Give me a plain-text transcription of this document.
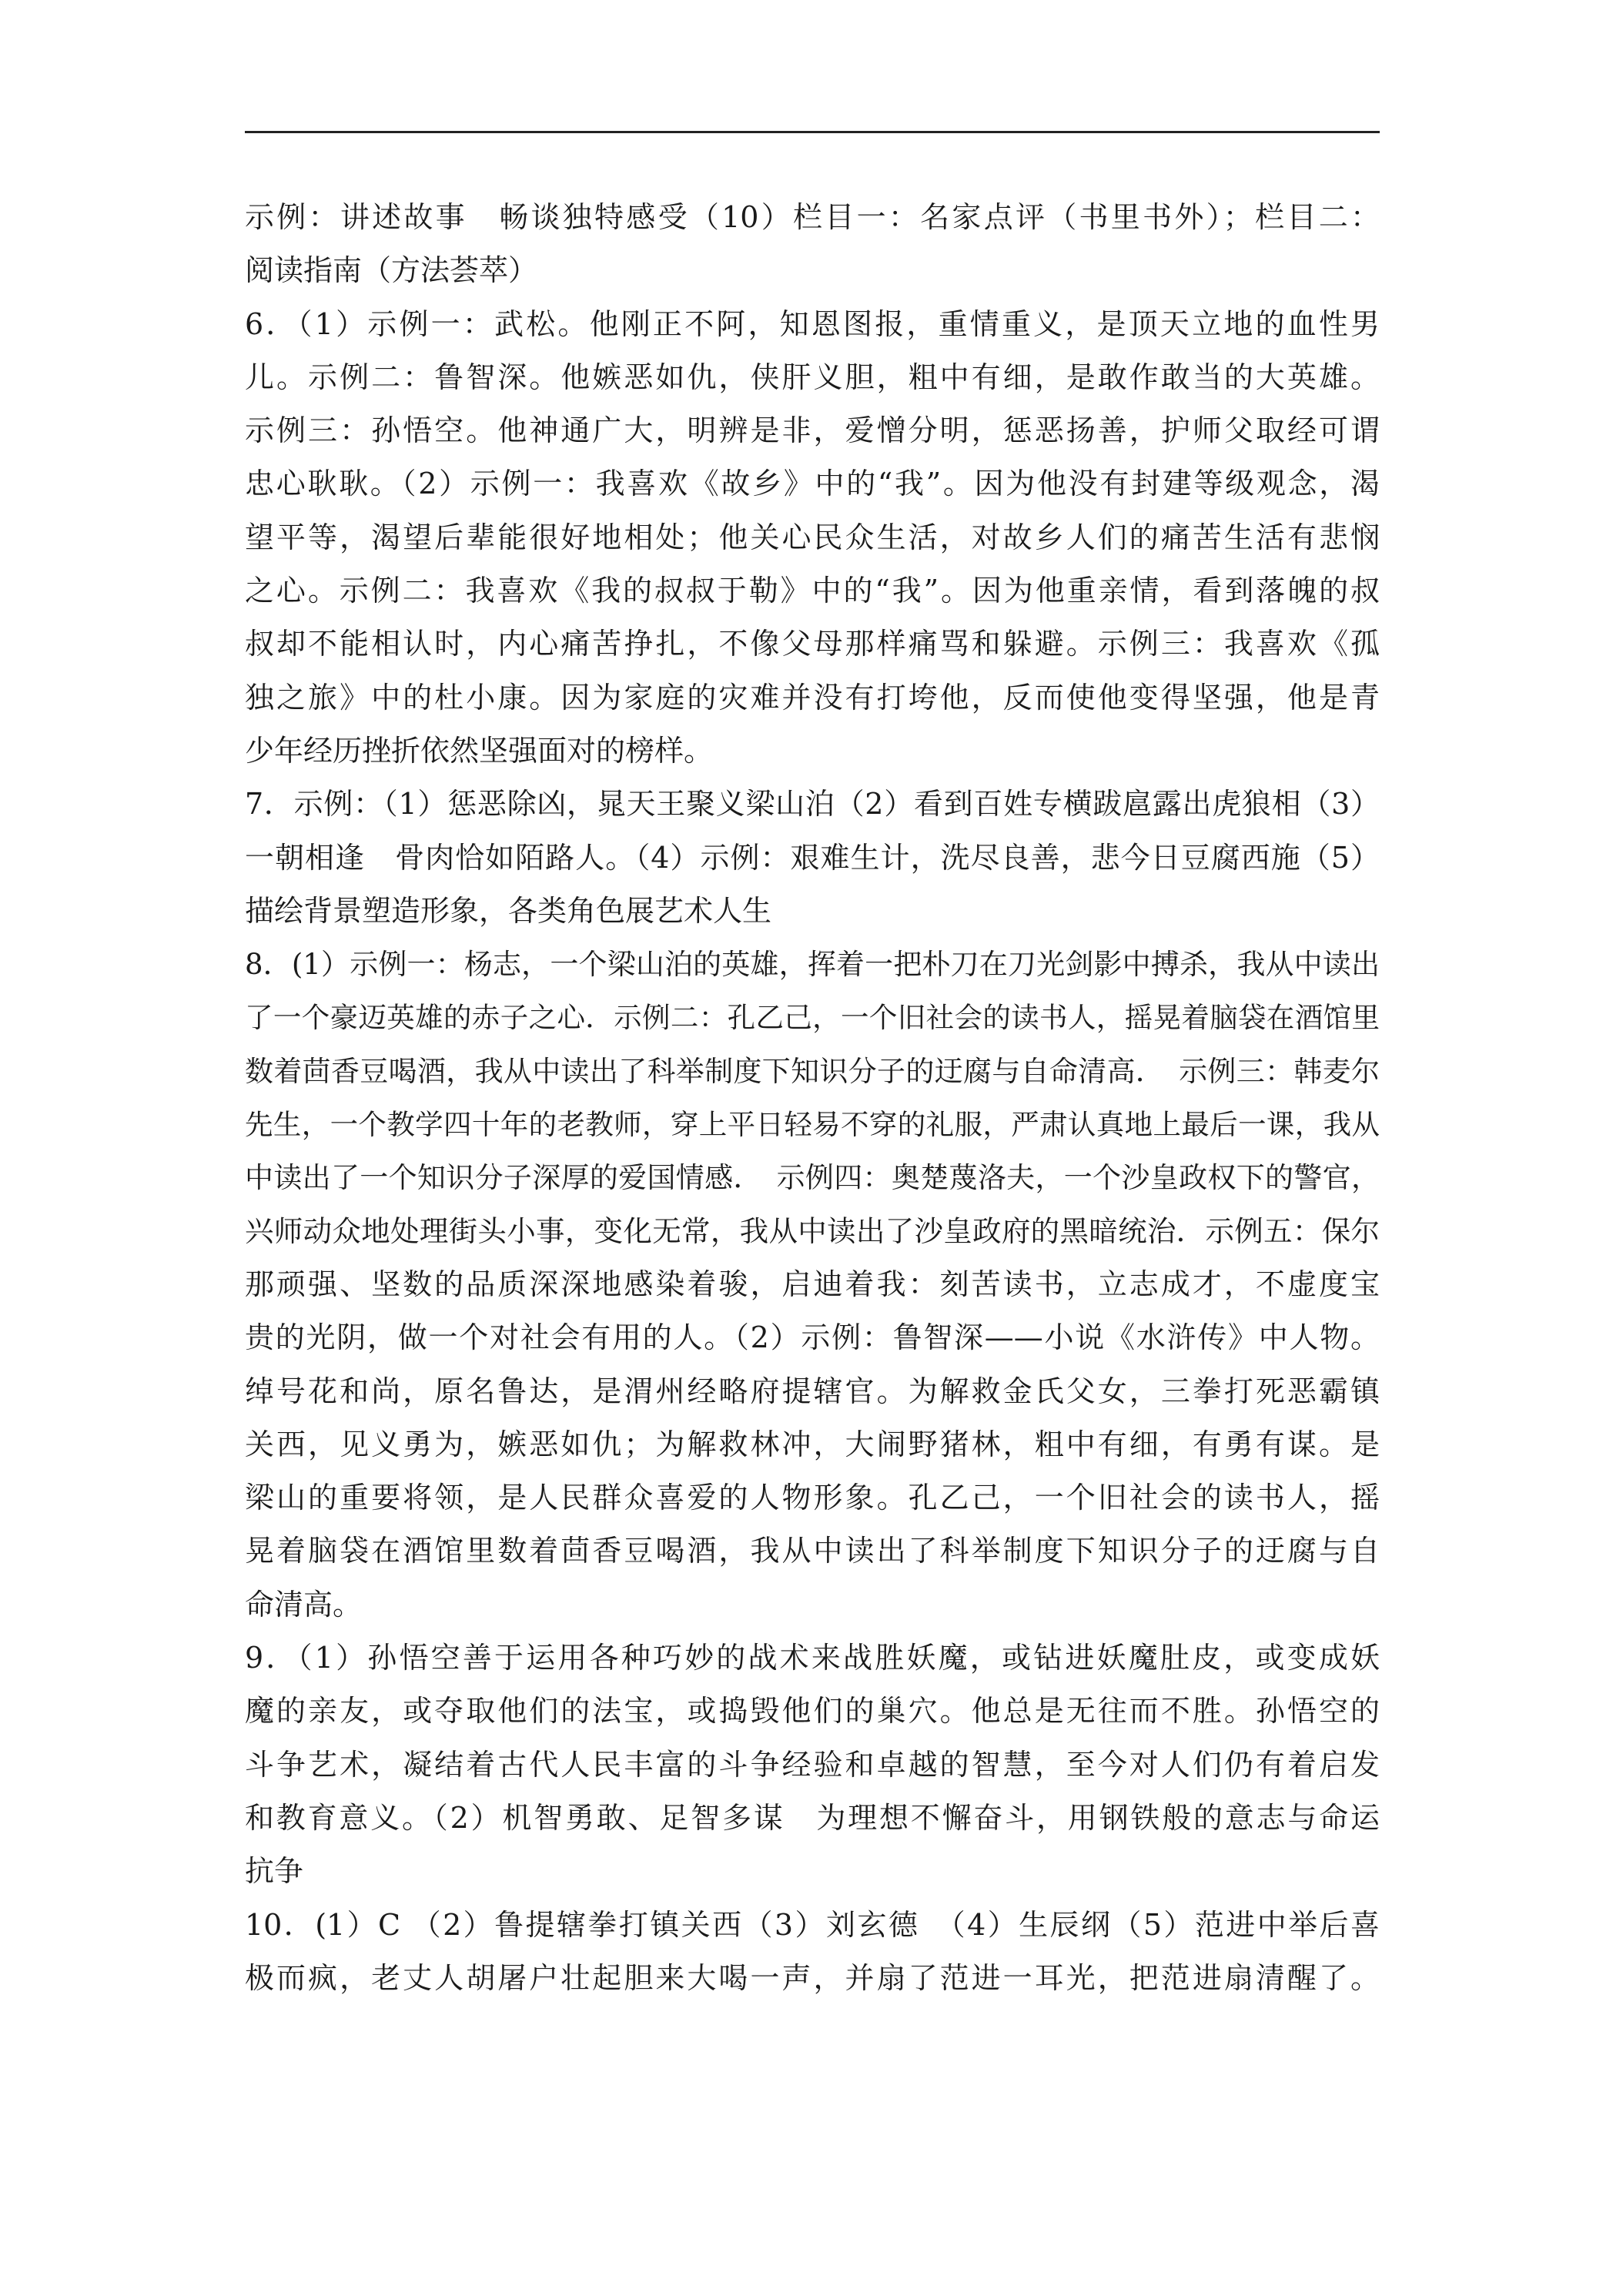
示例：讲述故事　畅谈独特感受（10）栏目一：名家点评（书里书外）；栏目二：
阅读指南（方法荟萃）
6．（1）示例一：武松。他刚正不阿，知恩图报，重情重义，是顶天立地的血性男
儿。示例二：鲁智深。他嫉恶如仇，侠肝义胆，粗中有细，是敢作敢当的大英雄。
示例三：孙悟空。他神通广大，明辨是非，爱憎分明，惩恶扬善，护师父取经可谓
忠心耿耿。（2）示例一：我喜欢《故乡》中的“我”。因为他没有封建等级观念，渴
望平等，渴望后辈能很好地相处；他关心民众生活，对故乡人们的痛苦生活有悲悯
之心。示例二：我喜欢《我的叔叔于勒》中的“我”。因为他重亲情，看到落魄的叔
叔却不能相认时，内心痛苦挣扎，不像父母那样痛骂和躲避。示例三：我喜欢《孤
独之旅》中的杜小康。因为家庭的灾难并没有打垮他，反而使他变得坚强，他是青
少年经历挫折依然坚强面对的榜样。
7．示例：（1）惩恶除凶，晁天王聚义梁山泊（2）看到百姓专横跋扈露出虎狼相（3）
一朝相逢　骨肉恰如陌路人。（4）示例：艰难生计，洗尽良善，悲今日豆腐西施（5）
描绘背景塑造形象，各类角色展艺术人生
8．(1）示例一：杨志，一个梁山泊的英雄，挥着一把朴刀在刀光剑影中搏杀，我从中读出
了一个豪迈英雄的赤子之心．示例二：孔乙己，一个旧社会的读书人，摇晃着脑袋在酒馆里
数着茴香豆喝酒，我从中读出了科举制度下知识分子的迂腐与自命清高．　示例三：韩麦尔
先生，一个教学四十年的老教师，穿上平日轻易不穿的礼服，严肃认真地上最后一课，我从
中读出了一个知识分子深厚的爱国情感．　示例四：奥楚蔑洛夫，一个沙皇政权下的警官，
兴师动众地处理街头小事，变化无常，我从中读出了沙皇政府的黑暗统治．示例五：保尔
那顽强、坚数的品质深深地感染着骏，启迪着我：刻苦读书，立志成才，不虚度宝
贵的光阴，做一个对社会有用的人。（2）示例：鲁智深——小说《水浒传》中人物。
绰号花和尚，原名鲁达，是渭州经略府提辖官。为解救金氏父女，三拳打死恶霸镇
关西，见义勇为，嫉恶如仇；为解救林冲，大闹野猪林，粗中有细，有勇有谋。是
梁山的重要将领，是人民群众喜爱的人物形象。孔乙己，一个旧社会的读书人，摇
晃着脑袋在酒馆里数着茴香豆喝酒，我从中读出了科举制度下知识分子的迂腐与自
命清高。
9．（1）孙悟空善于运用各种巧妙的战术来战胜妖魔，或钻进妖魔肚皮，或变成妖
魔的亲友，或夺取他们的法宝，或捣毁他们的巢穴。他总是无往而不胜。孙悟空的
斗争艺术，凝结着古代人民丰富的斗争经验和卓越的智慧，至今对人们仍有着启发
和教育意义。（2）机智勇敢、足智多谋　为理想不懈奋斗，用钢铁般的意志与命运
抗争
10．(1）C （2）鲁提辖拳打镇关西（3）刘玄德　（4）生辰纲（5）范进中举后喜
极而疯，老丈人胡屠户壮起胆来大喝一声，并扇了范进一耳光，把范进扇清醒了。
